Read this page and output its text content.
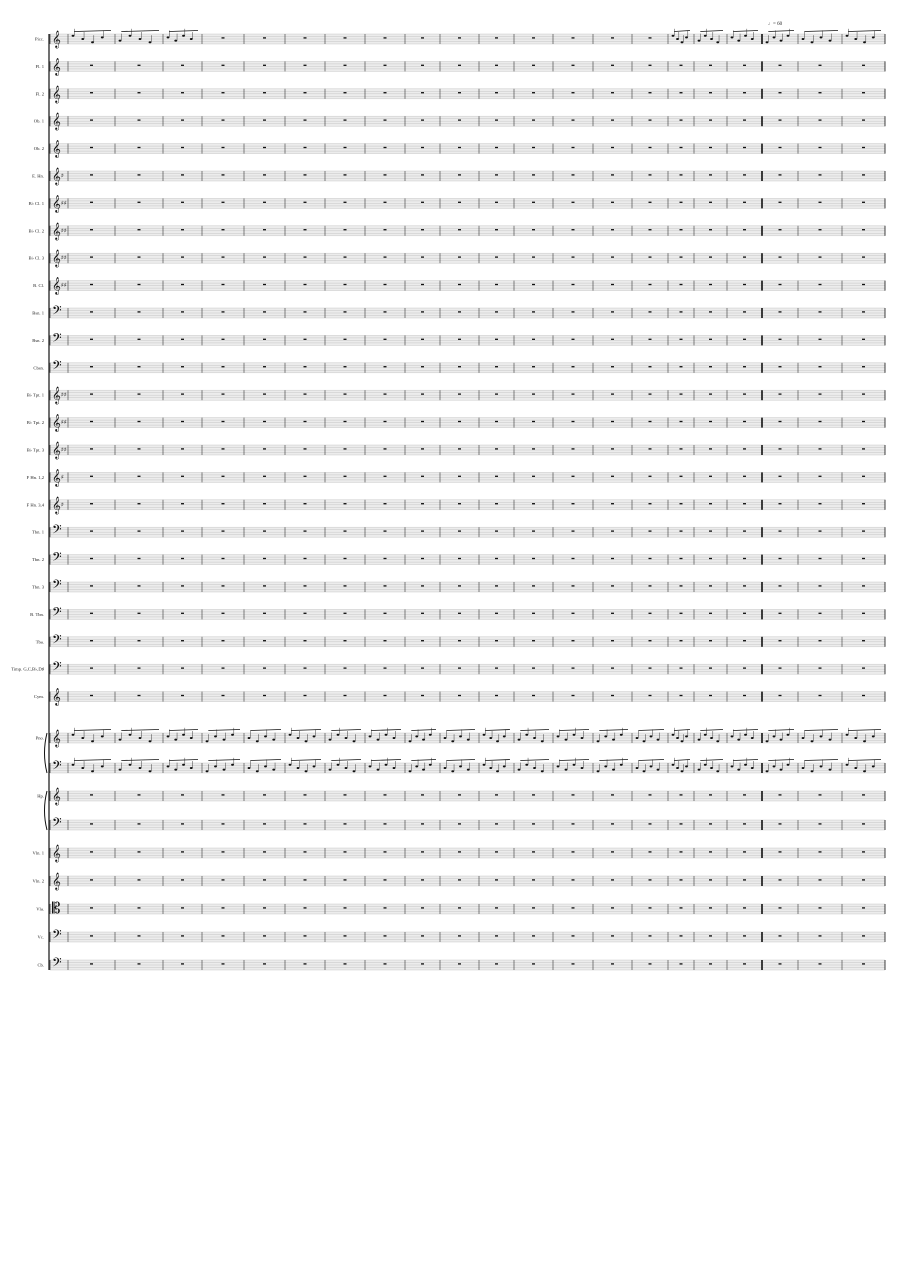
𝄞
Picc.
𝄞
Fl. 1
𝄞
Fl. 2
𝄞
Ob. 1
𝄞
Ob. 2
𝄞 ♯
E. Hn.
𝄞 ♯♯
B♭ Cl. 1
𝄞 ♯♯
B♭ Cl. 2
𝄞 ♯♯
B♭ Cl. 3
𝄞 ♯♯
B. Cl.
𝄢
Bsn. 1
𝄢
Bsn. 2
𝄢
Cbsn.
𝄞 ♯♯
B♭ Tpt. 1
𝄞 ♯♯
B♭ Tpt. 2
𝄞 ♯♯
B♭ Tpt. 3
𝄞 ♯
F Hn. 1,2
𝄞 ♯
F Hn. 3,4
𝄢
Tbn. 1
𝄢
Tbn. 2
𝄢
Tbn. 3
𝄢
B. Tbn.
𝄢
Tba.
𝄢
Timp. G,C,B♭,D♯
𝄞
Cym.
𝄞
Pno.
𝄢
𝄞
Hp.
𝄢
𝄞
Vln. 1
𝄞
Vln. 2
𝄡
Vla.
𝄢
Vc.
𝄢
Cb.
♩= 60
